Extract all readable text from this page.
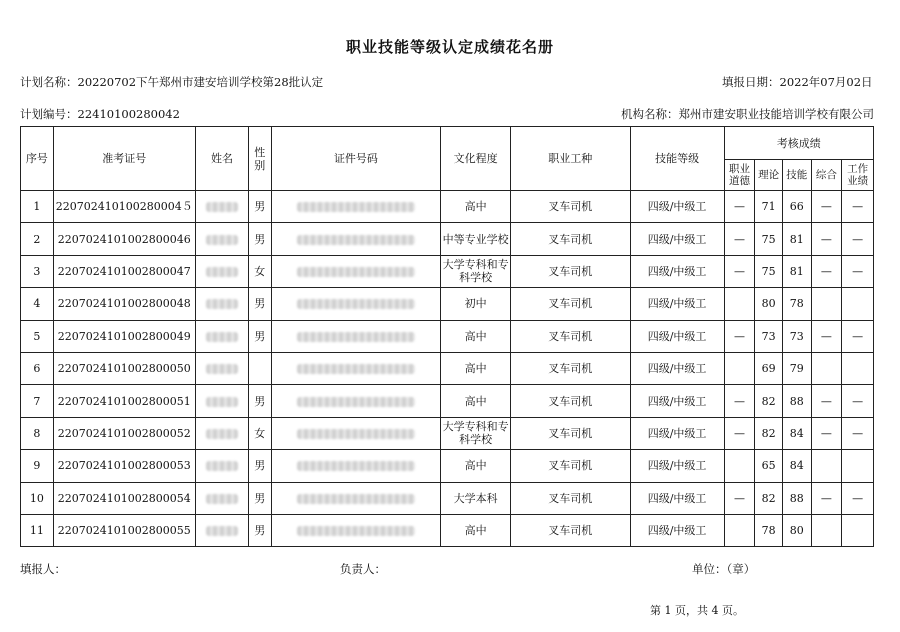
职业技能等级认定成绩花名册
计划名称：20220702下午郑州市建安培训学校第28批认定	填报日期：2022年07月02日
计划编号：22410100280042	机构名称：郑州市建安职业技能培训学校有限公司
序号	准考证号	姓名	性别	证件号码	文化程度	职业工种	技能等级	考核成绩				
								职业道德	理论	技能	综合	工作业绩
1	220702410100280004５		男		高中	叉车司机	四级/中级工	—	71	66	—	—
2	2207024101002800046		男		中等专业学校	叉车司机	四级/中级工	—	75	81	—	—
3	2207024101002800047		女		大学专科和专科学校	叉车司机	四级/中级工	—	75	81	—	—
4	2207024101002800048		男		初中	叉车司机	四级/中级工		80	78		
5	2207024101002800049		男		高中	叉车司机	四级/中级工	—	73	73	—	—
6	2207024101002800050				高中	叉车司机	四级/中级工		69	79		
7	2207024101002800051		男		高中	叉车司机	四级/中级工	—	82	88	—	—
8	2207024101002800052		女		大学专科和专科学校	叉车司机	四级/中级工	—	82	84	—	—
9	2207024101002800053		男		高中	叉车司机	四级/中级工		65	84		
10	2207024101002800054		男		大学本科	叉车司机	四级/中级工	—	82	88	—	—
11	2207024101002800055		男		高中	叉车司机	四级/中级工		78	80		
填报人：	负责人：	单位：（章）
第 1 页，共 4 页。
